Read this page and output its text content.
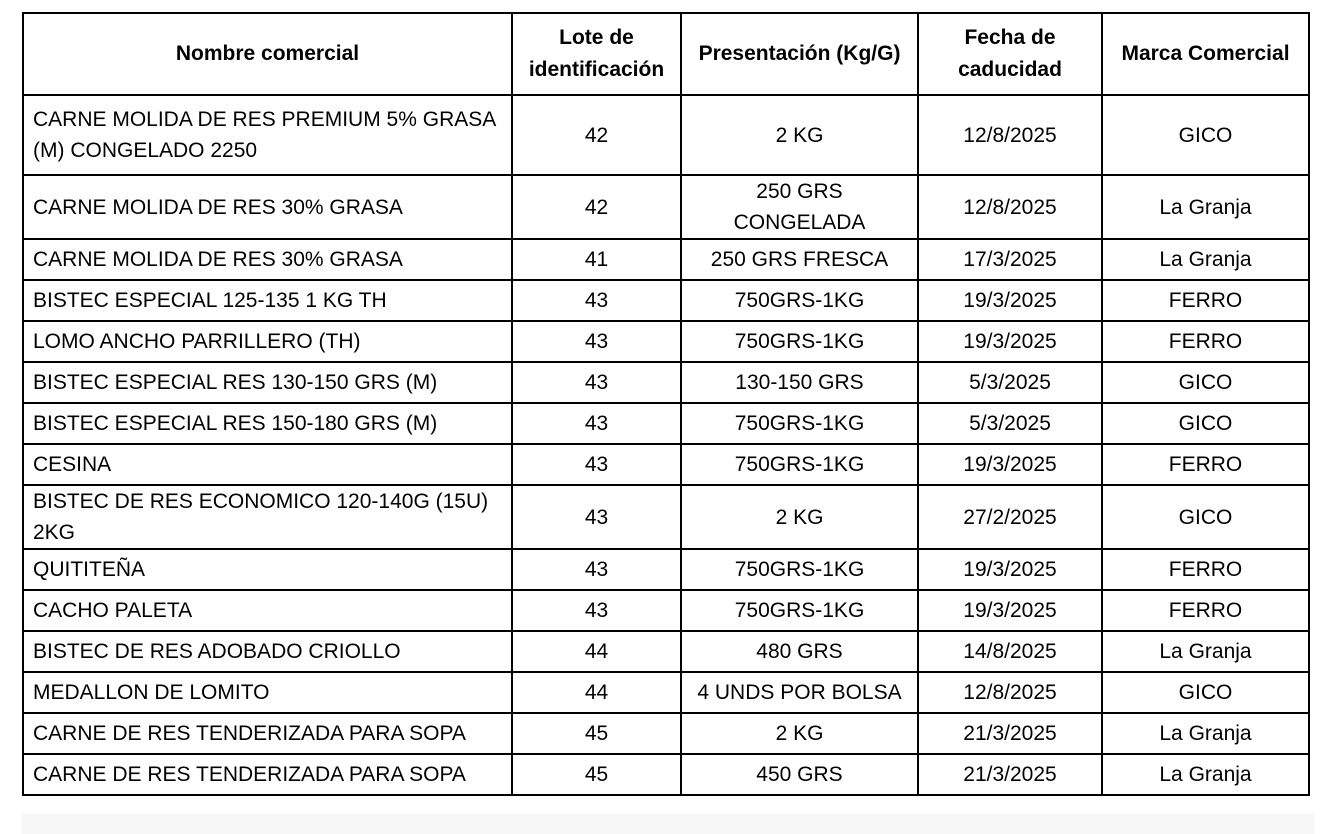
Nombre comercial	Lote de identificación	Presentación (Kg/G)	Fecha de caducidad	Marca Comercial
CARNE MOLIDA DE RES PREMIUM 5% GRASA (M) CONGELADO 2250	42	2 KG	12/8/2025	GICO
CARNE MOLIDA DE RES 30% GRASA	42	250 GRS CONGELADA	12/8/2025	La Granja
CARNE MOLIDA DE RES 30% GRASA	41	250 GRS FRESCA	17/3/2025	La Granja
BISTEC ESPECIAL 125-135 1 KG TH	43	750GRS-1KG	19/3/2025	FERRO
LOMO ANCHO PARRILLERO (TH)	43	750GRS-1KG	19/3/2025	FERRO
BISTEC ESPECIAL RES 130-150 GRS (M)	43	130-150 GRS	5/3/2025	GICO
BISTEC ESPECIAL RES 150-180 GRS (M)	43	750GRS-1KG	5/3/2025	GICO
CESINA	43	750GRS-1KG	19/3/2025	FERRO
BISTEC DE RES ECONOMICO 120-140G (15U) 2KG	43	2 KG	27/2/2025	GICO
QUITITEÑA	43	750GRS-1KG	19/3/2025	FERRO
CACHO PALETA	43	750GRS-1KG	19/3/2025	FERRO
BISTEC DE RES ADOBADO CRIOLLO	44	480 GRS	14/8/2025	La Granja
MEDALLON DE LOMITO	44	4 UNDS POR BOLSA	12/8/2025	GICO
CARNE DE RES TENDERIZADA PARA SOPA	45	2 KG	21/3/2025	La Granja
CARNE DE RES TENDERIZADA PARA SOPA	45	450 GRS	21/3/2025	La Granja
